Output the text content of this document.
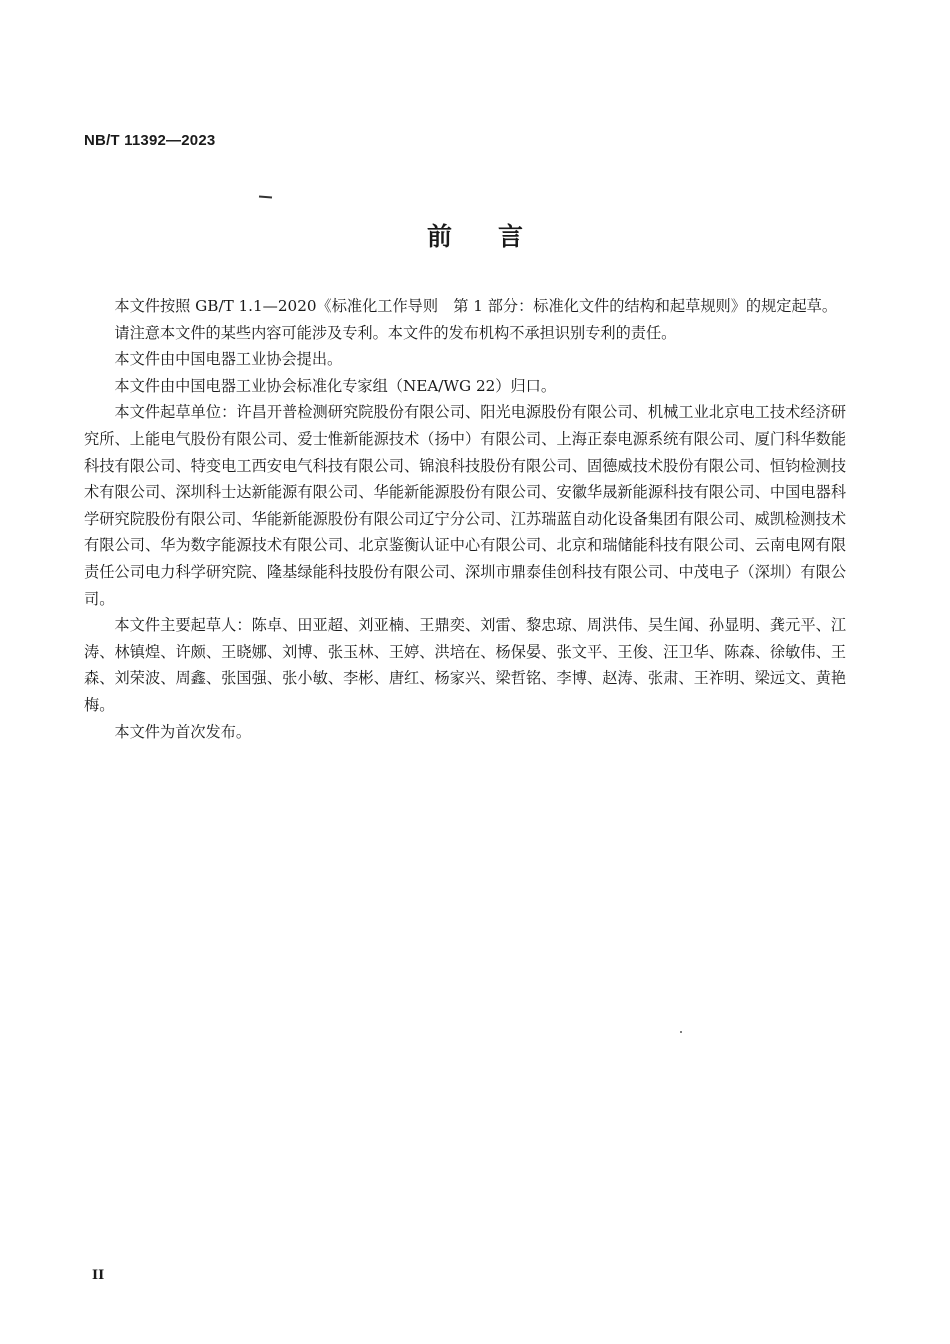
NB/T 11392—2023
前言

本文件按照 GB/T 1.1—2020《标准化工作导则　第 1 部分：标准化文件的结构和起草规则》的规定起草。

请注意本文件的某些内容可能涉及专利。本文件的发布机构不承担识别专利的责任。

本文件由中国电器工业协会提出。

本文件由中国电器工业协会标准化专家组（NEA/WG 22）归口。

本文件起草单位：许昌开普检测研究院股份有限公司、阳光电源股份有限公司、机械工业北京电工技术经济研究所、上能电气股份有限公司、爱士惟新能源技术（扬中）有限公司、上海正泰电源系统有限公司、厦门科华数能科技有限公司、特变电工西安电气科技有限公司、锦浪科技股份有限公司、固德威技术股份有限公司、恒钧检测技术有限公司、深圳科士达新能源有限公司、华能新能源股份有限公司、安徽华晟新能源科技有限公司、中国电器科学研究院股份有限公司、华能新能源股份有限公司辽宁分公司、江苏瑞蓝自动化设备集团有限公司、威凯检测技术有限公司、华为数字能源技术有限公司、北京鉴衡认证中心有限公司、北京和瑞储能科技有限公司、云南电网有限责任公司电力科学研究院、隆基绿能科技股份有限公司、深圳市鼎泰佳创科技有限公司、中茂电子（深圳）有限公司。

本文件主要起草人：陈卓、田亚超、刘亚楠、王鼎奕、刘雷、黎忠琼、周洪伟、吴生闻、孙显明、龚元平、江涛、林镇煌、许颇、王晓娜、刘博、张玉林、王婷、洪培在、杨保晏、张文平、王俊、汪卫华、陈森、徐敏伟、王森、刘荣波、周鑫、张国强、张小敏、李彬、唐红、杨家兴、梁哲铭、李博、赵涛、张肃、王祚明、梁远文、黄艳梅。

本文件为首次发布。

II
